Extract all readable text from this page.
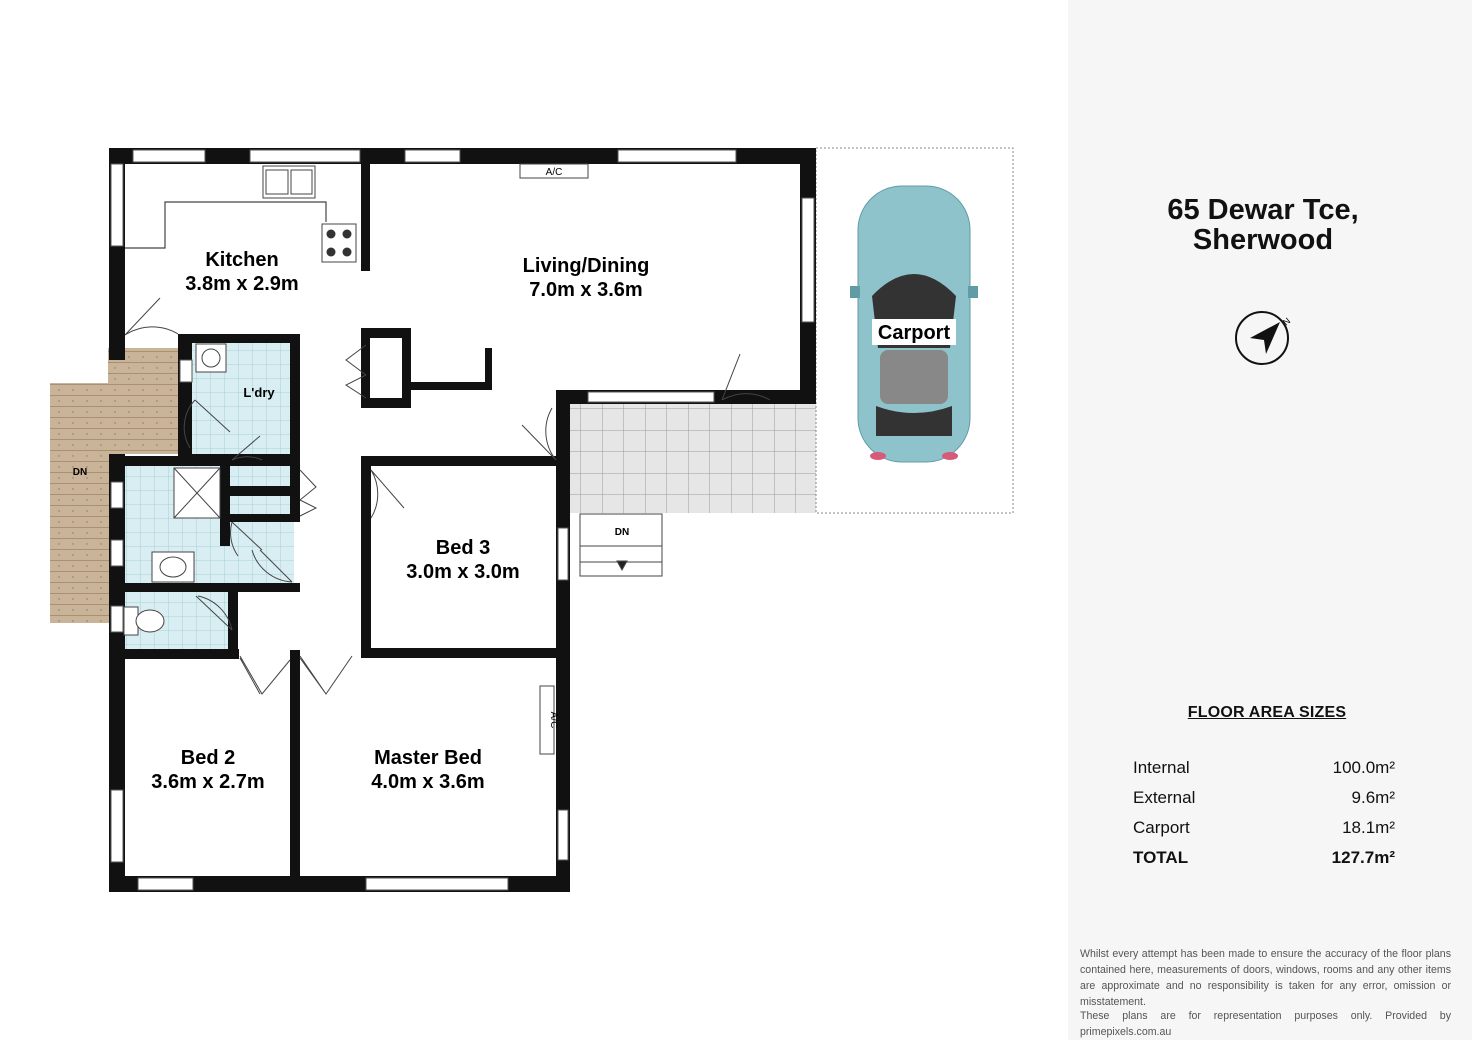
A/C
A/C
DN
DN
Kitchen
3.8m x 2.9m
Living/Dining
7.0m x 3.6m
Bed 3
3.0m x 3.0m
Bed 2
3.6m x 2.7m
Master Bed
4.0m x 3.6m
Carport
L'dry
65 Dewar Tce,
Sherwood
N
FLOOR AREA SIZES
Internal	100.0m²
External	9.6m²
Carport	18.1m²
TOTAL	127.7m²
Whilst every attempt has been made to ensure the accuracy of the floor plans contained here, measurements of doors, windows, rooms and any other items are approximate and no responsibility is taken for any error, omission or misstatement.
These plans are for representation purposes only. Provided by primepixels.com.au
